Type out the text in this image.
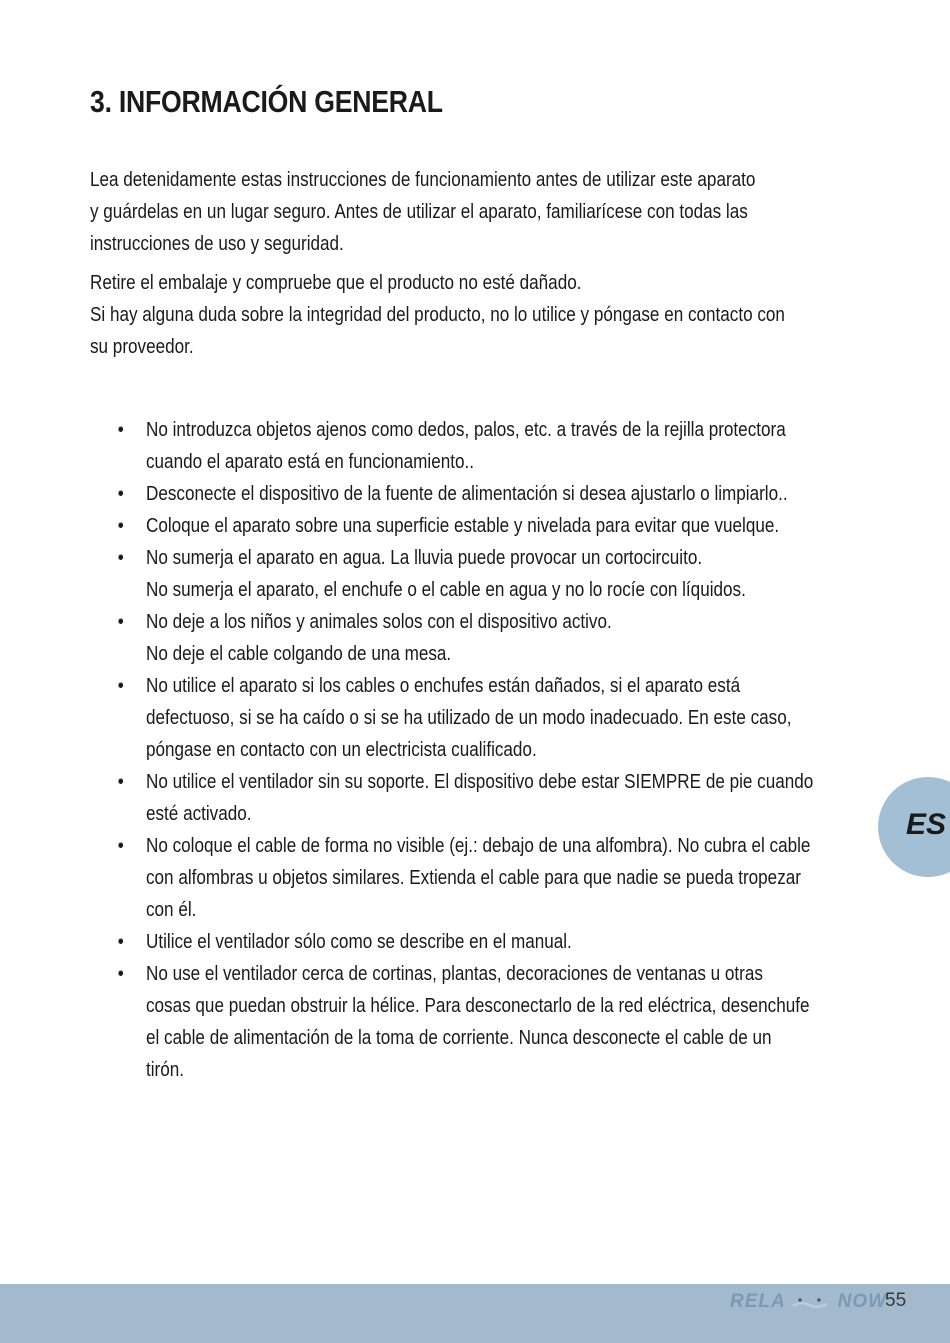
3. INFORMACIÓN GENERAL

Lea detenidamente estas instrucciones de funcionamiento antes de utilizar este aparato
y guárdelas en un lugar seguro. Antes de utilizar el aparato, familiarícese con todas las
instrucciones de uso y seguridad.

Retire el embalaje y compruebe que el producto no esté dañado.
Si hay alguna duda sobre la integridad del producto, no lo utilice y póngase en contacto con
su proveedor.

• No introduzca objetos ajenos como dedos, palos, etc. a través de la rejilla protectora
cuando el aparato está en funcionamiento..
• Desconecte el dispositivo de la fuente de alimentación si desea ajustarlo o limpiarlo..
• Coloque el aparato sobre una superficie estable y nivelada para evitar que vuelque.
• No sumerja el aparato en agua. La lluvia puede provocar un cortocircuito.
No sumerja el aparato, el enchufe o el cable en agua y no lo rocíe con líquidos.
• No deje a los niños y animales solos con el dispositivo activo.
No deje el cable colgando de una mesa.
• No utilice el aparato si los cables o enchufes están dañados, si el aparato está
defectuoso, si se ha caído o si se ha utilizado de un modo inadecuado. En este caso,
póngase en contacto con un electricista cualificado.
• No utilice el ventilador sin su soporte. El dispositivo debe estar SIEMPRE de pie cuando
esté activado.
• No coloque el cable de forma no visible (ej.: debajo de una alfombra). No cubra el cable
con alfombras u objetos similares. Extienda el cable para que nadie se pueda tropezar
con él.
• Utilice el ventilador sólo como se describe en el manual.
• No use el ventilador cerca de cortinas, plantas, decoraciones de ventanas u otras
cosas que puedan obstruir la hélice. Para desconectarlo de la red eléctrica, desenchufe
el cable de alimentación de la toma de corriente. Nunca desconecte el cable de un
tirón.
ES
RELA	NOW
55
